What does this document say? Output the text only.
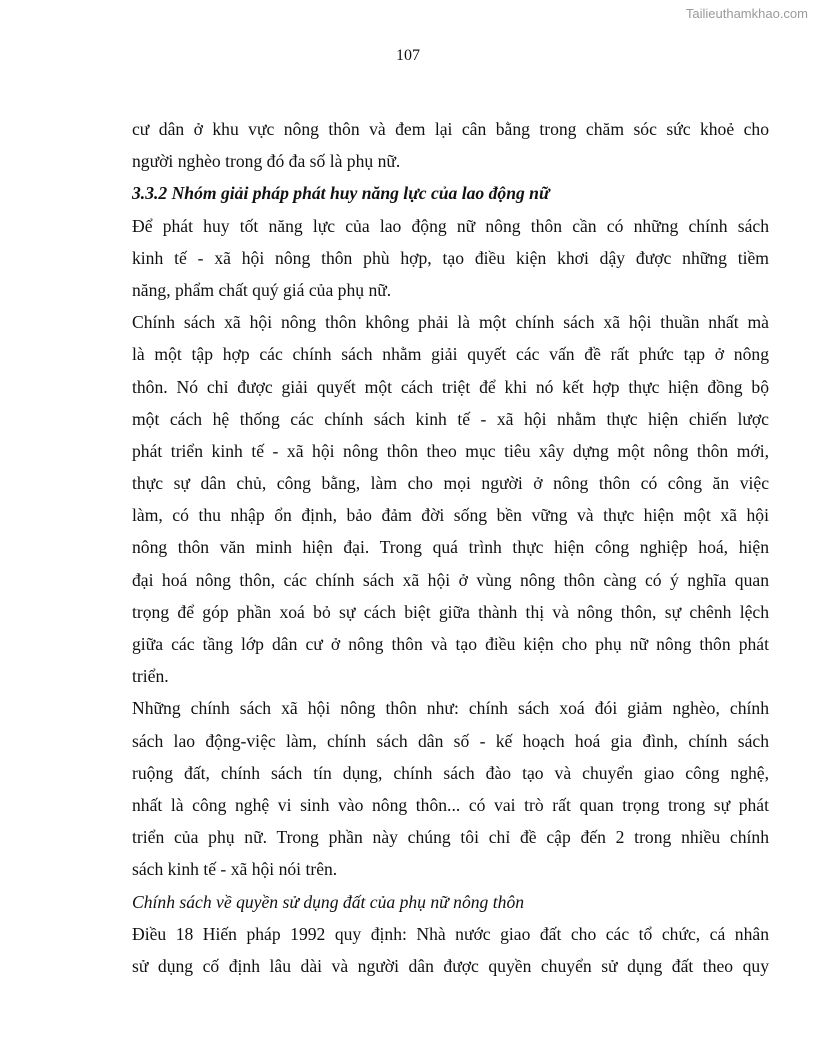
Tailieuthamkhao.com
107
cư dân ở khu vực nông thôn và đem lại cân bằng trong chăm sóc sức khoẻ cho
người nghèo trong đó đa số là phụ nữ.
3.3.2 Nhóm giải pháp phát huy năng lực của lao động nữ
Để phát huy tốt năng lực của lao động nữ nông thôn cần có những chính sách
kinh tế - xã hội nông thôn phù hợp, tạo điều kiện khơi dậy được những tiềm
năng, phẩm chất quý giá của phụ nữ.
Chính sách xã hội nông thôn không phải là một chính sách xã hội thuần nhất mà
là một tập hợp các chính sách nhằm giải quyết các vấn đề rất phức tạp ở nông
thôn. Nó chỉ được giải quyết một cách triệt để khi nó kết hợp thực hiện đồng bộ
một cách hệ thống các chính sách kinh tế - xã hội nhằm thực hiện chiến lược
phát triển kinh tế - xã hội nông thôn theo mục tiêu xây dựng một nông thôn mới,
thực sự dân chủ, công bằng, làm cho mọi người ở nông thôn có công ăn việc
làm, có thu nhập ổn định, bảo đảm đời sống bền vững và thực hiện một xã hội
nông thôn văn minh hiện đại. Trong quá trình thực hiện công nghiệp hoá, hiện
đại hoá nông thôn, các chính sách xã hội ở vùng nông thôn càng có ý nghĩa quan
trọng để góp phần xoá bỏ sự cách biệt giữa thành thị và nông thôn, sự chênh lệch
giữa các tầng lớp dân cư ở nông thôn và tạo điều kiện cho phụ nữ nông thôn phát
triển.
Những chính sách xã hội nông thôn như: chính sách xoá đói giảm nghèo, chính
sách lao động-việc làm, chính sách dân số - kế hoạch hoá gia đình, chính sách
ruộng đất, chính sách tín dụng, chính sách đào tạo và chuyển giao công nghệ,
nhất là công nghệ vi sinh vào nông thôn... có vai trò rất quan trọng trong sự phát
triển của phụ nữ. Trong phần này chúng tôi chỉ đề cập đến 2 trong nhiều chính
sách kinh tế - xã hội nói trên.
Chính sách về quyền sử dụng đất của phụ nữ nông thôn
Điều 18 Hiến pháp 1992 quy định: Nhà nước giao đất cho các tổ chức, cá nhân
sử dụng cố định lâu dài và người dân được quyền chuyển sử dụng đất theo quy
